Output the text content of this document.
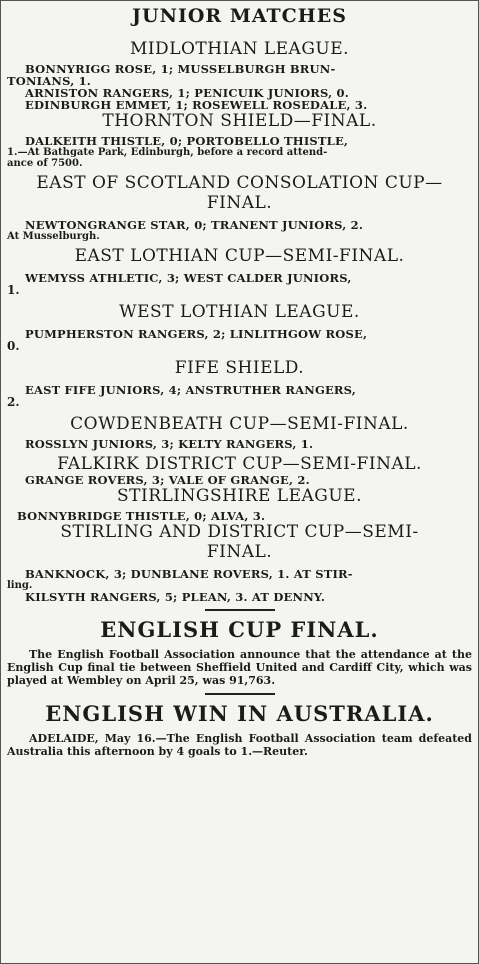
JUNIOR MATCHES
MIDLOTHIAN LEAGUE.

BONNYRIGG ROSE, 1; MUSSELBURGH BRUN-

TONIANS, 1.

ARNISTON RANGERS, 1; PENICUIK JUNIORS, 0.

EDINBURGH EMMET, 1; ROSEWELL ROSEDALE, 3.

THORNTON SHIELD—FINAL.

DALKEITH THISTLE, 0; PORTOBELLO THISTLE,

1.—At Bathgate Park, Edinburgh, before a record attend-

ance of 7500.

EAST OF SCOTLAND CONSOLATION CUP—
FINAL.

NEWTONGRANGE STAR, 0; TRANENT JUNIORS, 2.

At Musselburgh.

EAST LOTHIAN CUP—SEMI-FINAL.

WEMYSS ATHLETIC, 3; WEST CALDER JUNIORS,

1.

WEST LOTHIAN LEAGUE.

PUMPHERSTON RANGERS, 2; LINLITHGOW ROSE,

0.

FIFE SHIELD.

EAST FIFE JUNIORS, 4; ANSTRUTHER RANGERS,

2.

COWDENBEATH CUP—SEMI-FINAL.

ROSSLYN JUNIORS, 3; KELTY RANGERS, 1.

FALKIRK DISTRICT CUP—SEMI-FINAL.

GRANGE ROVERS, 3; VALE OF GRANGE, 2.

STIRLINGSHIRE LEAGUE.

BONNYBRIDGE THISTLE, 0; ALVA, 3.

STIRLING AND DISTRICT CUP—SEMI-
FINAL.

BANKNOCK, 3; DUNBLANE ROVERS, 1. AT STIR-

ling.

KILSYTH RANGERS, 5; PLEAN, 3. AT DENNY.

ENGLISH CUP FINAL.

The English Football Association announce that the attendance at the English Cup final tie between Sheffield United and Cardiff City, which was played at Wembley on April 25, was 91,763.

ENGLISH WIN IN AUSTRALIA.

ADELAIDE, May 16.—The English Football Association team defeated Australia this afternoon by 4 goals to 1.—Reuter.
